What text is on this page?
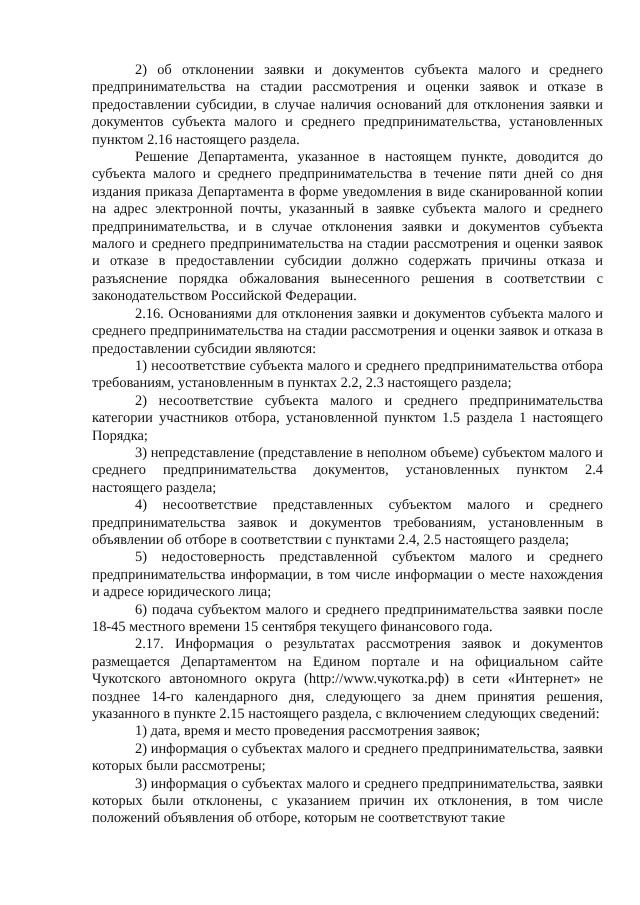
2) об отклонении заявки и документов субъекта малого и среднего предпринимательства на стадии рассмотрения и оценки заявок и отказе в предоставлении субсидии, в случае наличия оснований для отклонения заявки и документов субъекта малого и среднего предпринимательства, установленных пунктом 2.16 настоящего раздела.

Решение Департамента, указанное в настоящем пункте, доводится до субъекта малого и среднего предпринимательства в течение пяти дней со дня издания приказа Департамента в форме уведомления в виде сканированной копии на адрес электронной почты, указанный в заявке субъекта малого и среднего предпринимательства, и в случае отклонения заявки и документов субъекта малого и среднего предпринимательства на стадии рассмотрения и оценки заявок и отказе в предоставлении субсидии должно содержать причины отказа и разъяснение порядка обжалования вынесенного решения в соответствии с законодательством Российской Федерации.

2.16. Основаниями для отклонения заявки и документов субъекта малого и среднего предпринимательства на стадии рассмотрения и оценки заявок и отказа в предоставлении субсидии являются:

1) несоответствие субъекта малого и среднего предпринимательства отбора требованиям, установленным в пунктах 2.2, 2.3 настоящего раздела;

2) несоответствие субъекта малого и среднего предпринимательства категории участников отбора, установленной пунктом 1.5 раздела 1 настоящего Порядка;

3) непредставление (представление в неполном объеме) субъектом малого и среднего предпринимательства документов, установленных пунктом 2.4 настоящего раздела;

4) несоответствие представленных субъектом малого и среднего предпринимательства заявок и документов требованиям, установленным в объявлении об отборе в соответствии с пунктами 2.4, 2.5 настоящего раздела;

5) недостоверность представленной субъектом малого и среднего предпринимательства информации, в том числе информации о месте нахождения и адресе юридического лица;

6) подача субъектом малого и среднего предпринимательства заявки после 18-45 местного времени 15 сентября текущего финансового года.

2.17. Информация о результатах рассмотрения заявок и документов размещается Департаментом на Едином портале и на официальном сайте Чукотского автономного округа (http://www.чукотка.рф) в сети «Интернет» не позднее 14-го календарного дня, следующего за днем принятия решения, указанного в пункте 2.15 настоящего раздела, с включением следующих сведений:

1) дата, время и место проведения рассмотрения заявок;

2) информация о субъектах малого и среднего предпринимательства, заявки которых были рассмотрены;

3) информация о субъектах малого и среднего предпринимательства, заявки которых были отклонены, с указанием причин их отклонения, в том числе положений объявления об отборе, которым не соответствуют такие
